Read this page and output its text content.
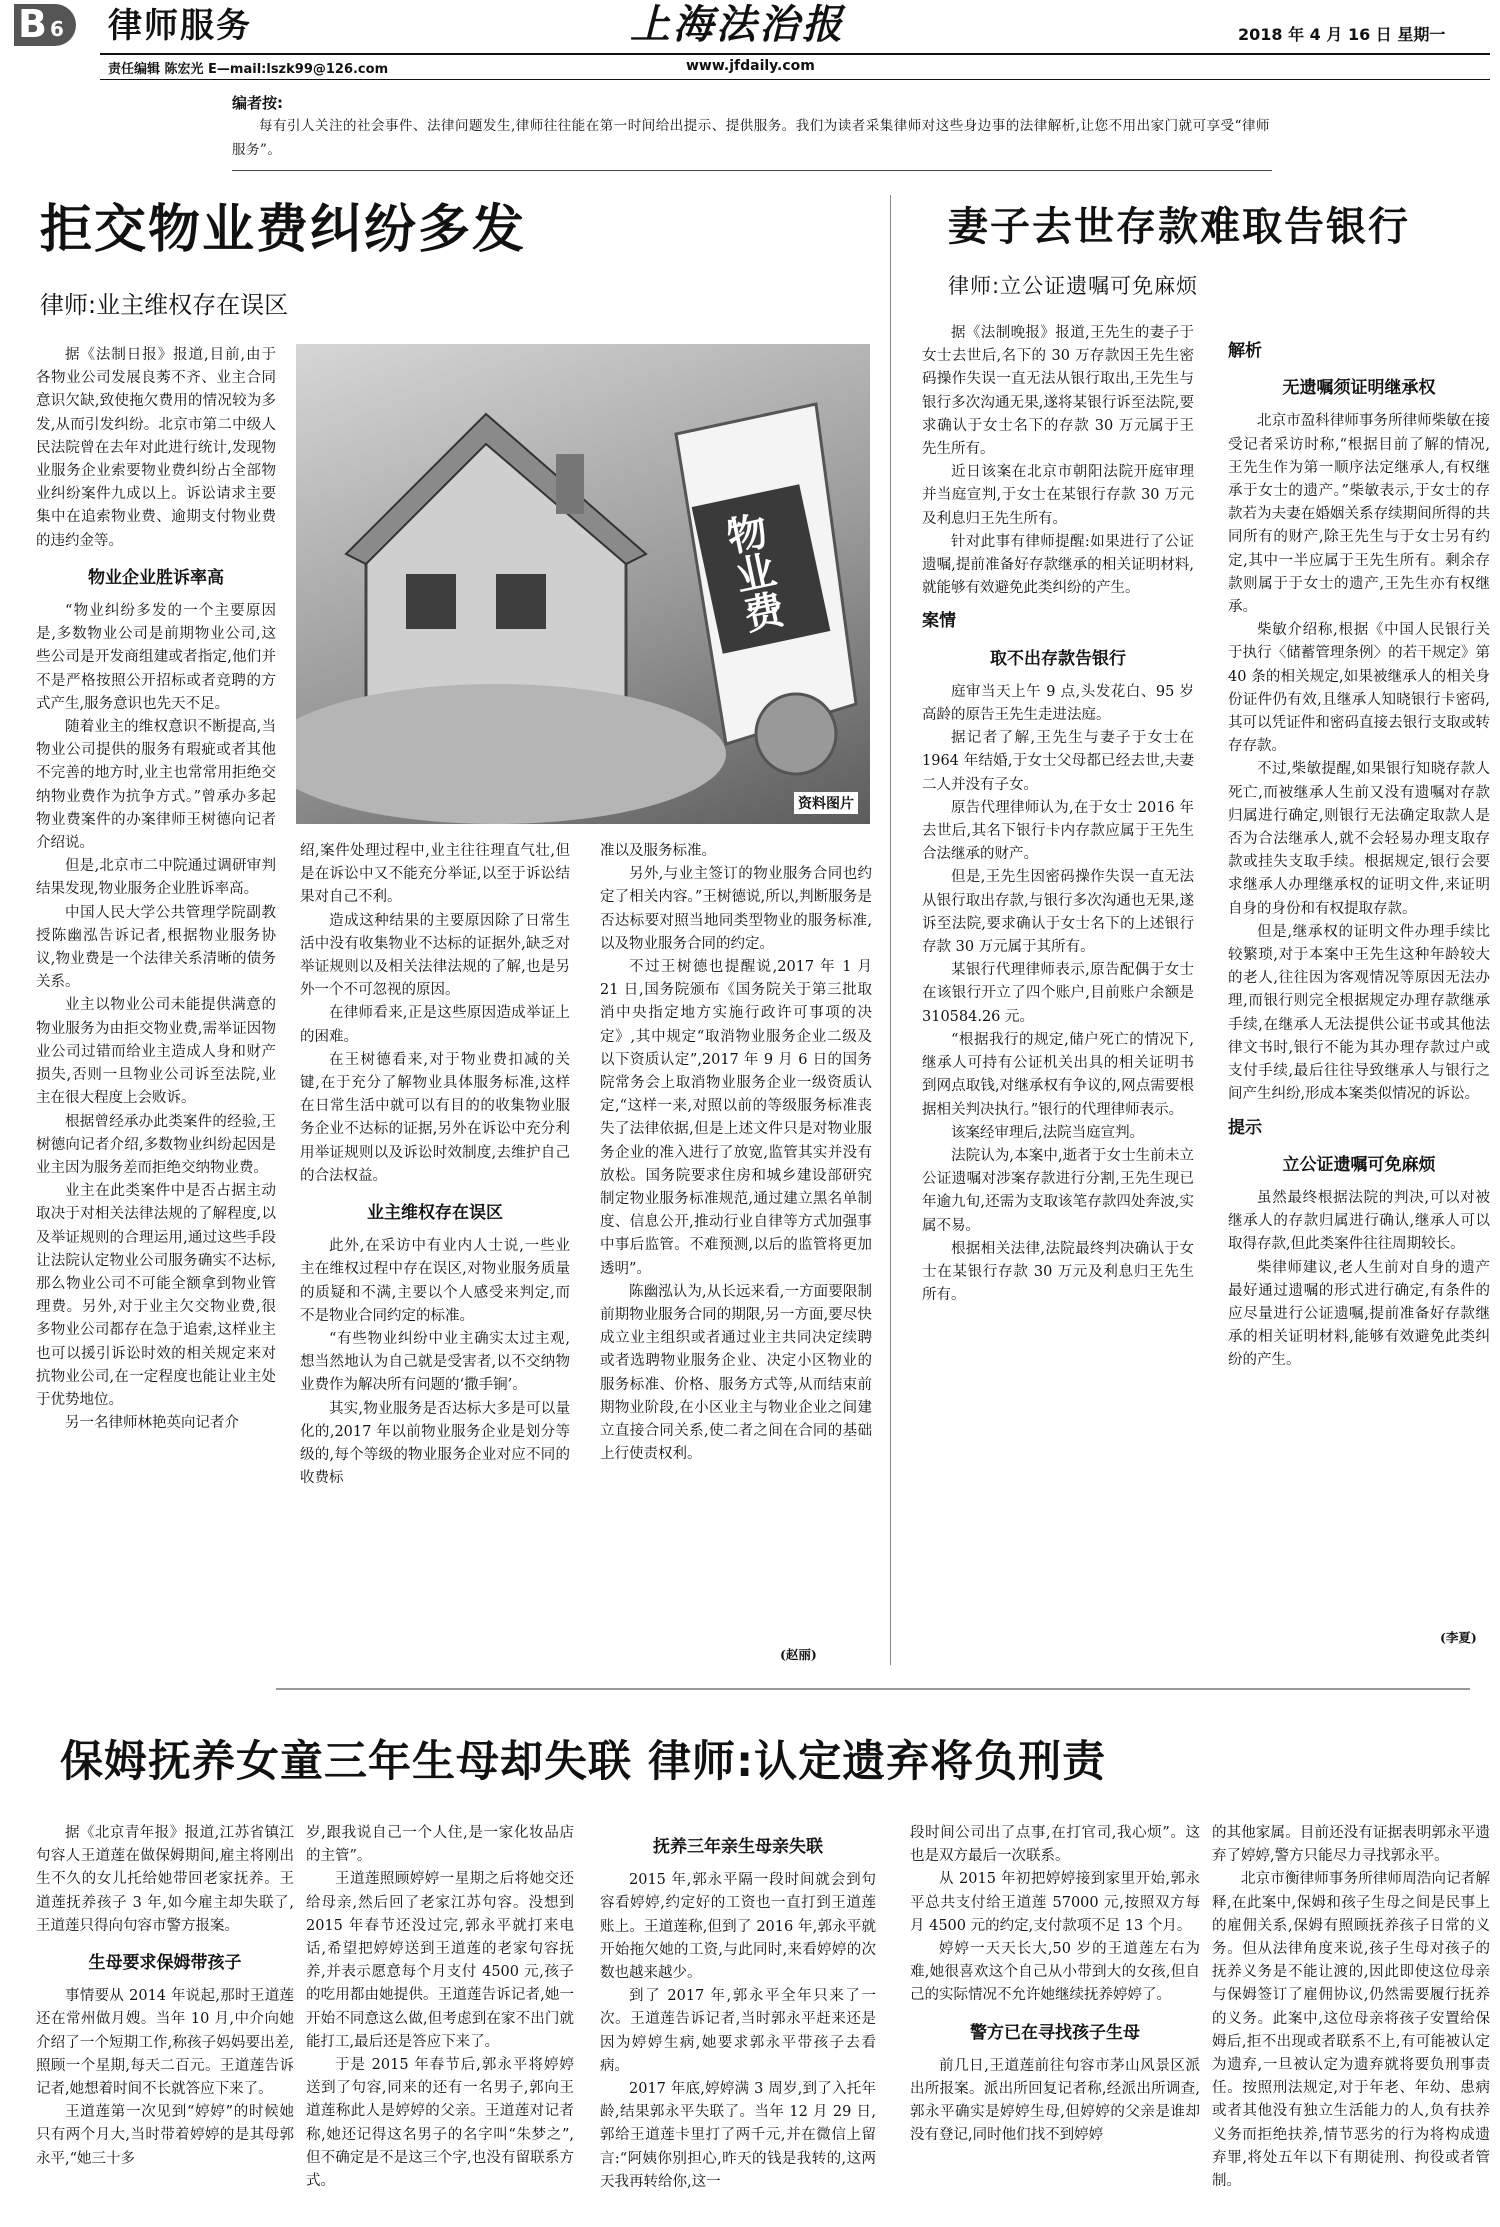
B 6 律师服务
责任编辑 陈宏光 E—mail:lszk99@126.com
上海法治报
www.jfdaily.com
2018 年 4 月 16 日 星期一
编者按:
每有引人关注的社会事件、法律问题发生,律师往往能在第一时间给出提示、提供服务。我们为读者采集律师对这些身边事的法律解析,让您不用出家门就可享受“律师服务”。
拒交物业费纠纷多发
律师:业主维权存在误区
物业费
资料图片

据《法制日报》报道,目前,由于各物业公司发展良莠不齐、业主合同意识欠缺,致使拖欠费用的情况较为多发,从而引发纠纷。北京市第二中级人民法院曾在去年对此进行统计,发现物业服务企业索要物业费纠纷占全部物业纠纷案件九成以上。诉讼请求主要集中在追索物业费、逾期支付物业费的违约金等。

物业企业胜诉率高

“物业纠纷多发的一个主要原因是,多数物业公司是前期物业公司,这些公司是开发商组建或者指定,他们并不是严格按照公开招标或者竞聘的方式产生,服务意识也先天不足。

随着业主的维权意识不断提高,当物业公司提供的服务有瑕疵或者其他不完善的地方时,业主也常常用拒绝交纳物业费作为抗争方式。”曾承办多起物业费案件的办案律师王树德向记者介绍说。

但是,北京市二中院通过调研审判结果发现,物业服务企业胜诉率高。

中国人民大学公共管理学院副教授陈幽泓告诉记者,根据物业服务协议,物业费是一个法律关系清晰的债务关系。

业主以物业公司未能提供满意的物业服务为由拒交物业费,需举证因物业公司过错而给业主造成人身和财产损失,否则一旦物业公司诉至法院,业主在很大程度上会败诉。

根据曾经承办此类案件的经验,王树德向记者介绍,多数物业纠纷起因是业主因为服务差而拒绝交纳物业费。

业主在此类案件中是否占据主动取决于对相关法律法规的了解程度,以及举证规则的合理运用,通过这些手段让法院认定物业公司服务确实不达标,那么物业公司不可能全额拿到物业管理费。另外,对于业主欠交物业费,很多物业公司都存在急于追索,这样业主也可以援引诉讼时效的相关规定来对抗物业公司,在一定程度也能让业主处于优势地位。

另一名律师林艳英向记者介

绍,案件处理过程中,业主往往理直气壮,但是在诉讼中又不能充分举证,以至于诉讼结果对自己不利。

造成这种结果的主要原因除了日常生活中没有收集物业不达标的证据外,缺乏对举证规则以及相关法律法规的了解,也是另外一个不可忽视的原因。

在律师看来,正是这些原因造成举证上的困难。

在王树德看来,对于物业费扣减的关键,在于充分了解物业具体服务标准,这样在日常生活中就可以有目的的收集物业服务企业不达标的证据,另外在诉讼中充分利用举证规则以及诉讼时效制度,去维护自己的合法权益。

业主维权存在误区

此外,在采访中有业内人士说,一些业主在维权过程中存在误区,对物业服务质量的质疑和不满,主要以个人感受来判定,而不是物业合同约定的标准。

“有些物业纠纷中业主确实太过主观,想当然地认为自己就是受害者,以不交纳物业费作为解决所有问题的‘撒手锏’。

其实,物业服务是否达标大多是可以量化的,2017 年以前物业服务企业是划分等级的,每个等级的物业服务企业对应不同的收费标

准以及服务标准。

另外,与业主签订的物业服务合同也约定了相关内容。”王树德说,所以,判断服务是否达标要对照当地同类型物业的服务标准,以及物业服务合同的约定。

不过王树德也提醒说,2017 年 1 月 21 日,国务院颁布《国务院关于第三批取消中央指定地方实施行政许可事项的决定》,其中规定“取消物业服务企业二级及以下资质认定”,2017 年 9 月 6 日的国务院常务会上取消物业服务企业一级资质认定,“这样一来,对照以前的等级服务标准丧失了法律依据,但是上述文件只是对物业服务企业的准入进行了放宽,监管其实并没有放松。国务院要求住房和城乡建设部研究制定物业服务标准规范,通过建立黑名单制度、信息公开,推动行业自律等方式加强事中事后监管。不难预测,以后的监管将更加透明”。

陈幽泓认为,从长远来看,一方面要限制前期物业服务合同的期限,另一方面,要尽快成立业主组织或者通过业主共同决定续聘或者选聘物业服务企业、决定小区物业的服务标准、价格、服务方式等,从而结束前期物业阶段,在小区业主与物业企业之间建立直接合同关系,使二者之间在合同的基础上行使责权利。

(赵丽)
妻子去世存款难取告银行
律师:立公证遗嘱可免麻烦

据《法制晚报》报道,王先生的妻子于女士去世后,名下的 30 万存款因王先生密码操作失误一直无法从银行取出,王先生与银行多次沟通无果,遂将某银行诉至法院,要求确认于女士名下的存款 30 万元属于王先生所有。

近日该案在北京市朝阳法院开庭审理并当庭宣判,于女士在某银行存款 30 万元及利息归王先生所有。

针对此事有律师提醒:如果进行了公证遗嘱,提前准备好存款继承的相关证明材料,就能够有效避免此类纠纷的产生。

案情
取不出存款告银行

庭审当天上午 9 点,头发花白、95 岁高龄的原告王先生走进法庭。

据记者了解,王先生与妻子于女士在 1964 年结婚,于女士父母都已经去世,夫妻二人并没有子女。

原告代理律师认为,在于女士 2016 年去世后,其名下银行卡内存款应属于王先生合法继承的财产。

但是,王先生因密码操作失误一直无法从银行取出存款,与银行多次沟通也无果,遂诉至法院,要求确认于女士名下的上述银行存款 30 万元属于其所有。

某银行代理律师表示,原告配偶于女士在该银行开立了四个账户,目前账户余额是 310584.26 元。

“根据我行的规定,储户死亡的情况下,继承人可持有公证机关出具的相关证明书到网点取钱,对继承权有争议的,网点需要根据相关判决执行。”银行的代理律师表示。

该案经审理后,法院当庭宣判。

法院认为,本案中,逝者于女士生前未立公证遗嘱对涉案存款进行分割,王先生现已年逾九旬,还需为支取该笔存款四处奔波,实属不易。

根据相关法律,法院最终判决确认于女士在某银行存款 30 万元及利息归王先生所有。

解析
无遗嘱须证明继承权

北京市盈科律师事务所律师柴敏在接受记者采访时称,“根据目前了解的情况,王先生作为第一顺序法定继承人,有权继承于女士的遗产。”柴敏表示,于女士的存款若为夫妻在婚姻关系存续期间所得的共同所有的财产,除王先生与于女士另有约定,其中一半应属于王先生所有。剩余存款则属于于女士的遗产,王先生亦有权继承。

柴敏介绍称,根据《中国人民银行关于执行〈储蓄管理条例〉的若干规定》第 40 条的相关规定,如果被继承人的相关身份证件仍有效,且继承人知晓银行卡密码,其可以凭证件和密码直接去银行支取或转存存款。

不过,柴敏提醒,如果银行知晓存款人死亡,而被继承人生前又没有遗嘱对存款归属进行确定,则银行无法确定取款人是否为合法继承人,就不会轻易办理支取存款或挂失支取手续。根据规定,银行会要求继承人办理继承权的证明文件,来证明自身的身份和有权提取存款。

但是,继承权的证明文件办理手续比较繁琐,对于本案中王先生这种年龄较大的老人,往往因为客观情况等原因无法办理,而银行则完全根据规定办理存款继承手续,在继承人无法提供公证书或其他法律文书时,银行不能为其办理存款过户或支付手续,最后往往导致继承人与银行之间产生纠纷,形成本案类似情况的诉讼。

提示
立公证遗嘱可免麻烦

虽然最终根据法院的判决,可以对被继承人的存款归属进行确认,继承人可以取得存款,但此类案件往往周期较长。

柴律师建议,老人生前对自身的遗产最好通过遗嘱的形式进行确定,有条件的应尽量进行公证遗嘱,提前准备好存款继承的相关证明材料,能够有效避免此类纠纷的产生。

(李夏)
保姆抚养女童三年生母却失联 律师:认定遗弃将负刑责

据《北京青年报》报道,江苏省镇江句容人王道莲在做保姆期间,雇主将刚出生不久的女儿托给她带回老家抚养。王道莲抚养孩子 3 年,如今雇主却失联了,王道莲只得向句容市警方报案。

生母要求保姆带孩子

事情要从 2014 年说起,那时王道莲还在常州做月嫂。当年 10 月,中介向她介绍了一个短期工作,称孩子妈妈要出差,照顾一个星期,每天二百元。王道莲告诉记者,她想着时间不长就答应下来了。

王道莲第一次见到“婷婷”的时候她只有两个月大,当时带着婷婷的是其母郭永平,“她三十多

岁,跟我说自己一个人住,是一家化妆品店的主管”。

王道莲照顾婷婷一星期之后将她交还给母亲,然后回了老家江苏句容。没想到 2015 年春节还没过完,郭永平就打来电话,希望把婷婷送到王道莲的老家句容抚养,并表示愿意每个月支付 4500 元,孩子的吃用都由她提供。王道莲告诉记者,她一开始不同意这么做,但考虑到在家不出门就能打工,最后还是答应下来了。

于是 2015 年春节后,郭永平将婷婷送到了句容,同来的还有一名男子,郭向王道莲称此人是婷婷的父亲。王道莲对记者称,她还记得这名男子的名字叫“朱梦之”,但不确定是不是这三个字,也没有留联系方式。

抚养三年亲生母亲失联

2015 年,郭永平隔一段时间就会到句容看婷婷,约定好的工资也一直打到王道莲账上。王道莲称,但到了 2016 年,郭永平就开始拖欠她的工资,与此同时,来看婷婷的次数也越来越少。

到了 2017 年,郭永平全年只来了一次。王道莲告诉记者,当时郭永平赶来还是因为婷婷生病,她要求郭永平带孩子去看病。

2017 年底,婷婷满 3 周岁,到了入托年龄,结果郭永平失联了。当年 12 月 29 日,郭给王道莲卡里打了两千元,并在微信上留言:“阿姨你别担心,昨天的钱是我转的,这两天我再转给你,这一

段时间公司出了点事,在打官司,我心烦”。这也是双方最后一次联系。

从 2015 年初把婷婷接到家里开始,郭永平总共支付给王道莲 57000 元,按照双方每月 4500 元的约定,支付款项不足 13 个月。

婷婷一天天长大,50 岁的王道莲左右为难,她很喜欢这个自己从小带到大的女孩,但自己的实际情况不允许她继续抚养婷婷了。

警方已在寻找孩子生母

前几日,王道莲前往句容市茅山风景区派出所报案。派出所回复记者称,经派出所调查,郭永平确实是婷婷生母,但婷婷的父亲是谁却没有登记,同时他们找不到婷婷

的其他家属。目前还没有证据表明郭永平遗弃了婷婷,警方只能尽力寻找郭永平。

北京市衡律师事务所律师周浩向记者解释,在此案中,保姆和孩子生母之间是民事上的雇佣关系,保姆有照顾抚养孩子日常的义务。但从法律角度来说,孩子生母对孩子的抚养义务是不能让渡的,因此即使这位母亲与保姆签订了雇佣协议,仍然需要履行抚养的义务。此案中,这位母亲将孩子安置给保姆后,拒不出现或者联系不上,有可能被认定为遗弃,一旦被认定为遗弃就将要负刑事责任。按照刑法规定,对于年老、年幼、患病或者其他没有独立生活能力的人,负有扶养义务而拒绝扶养,情节恶劣的行为将构成遗弃罪,将处五年以下有期徒刑、拘役或者管制。
